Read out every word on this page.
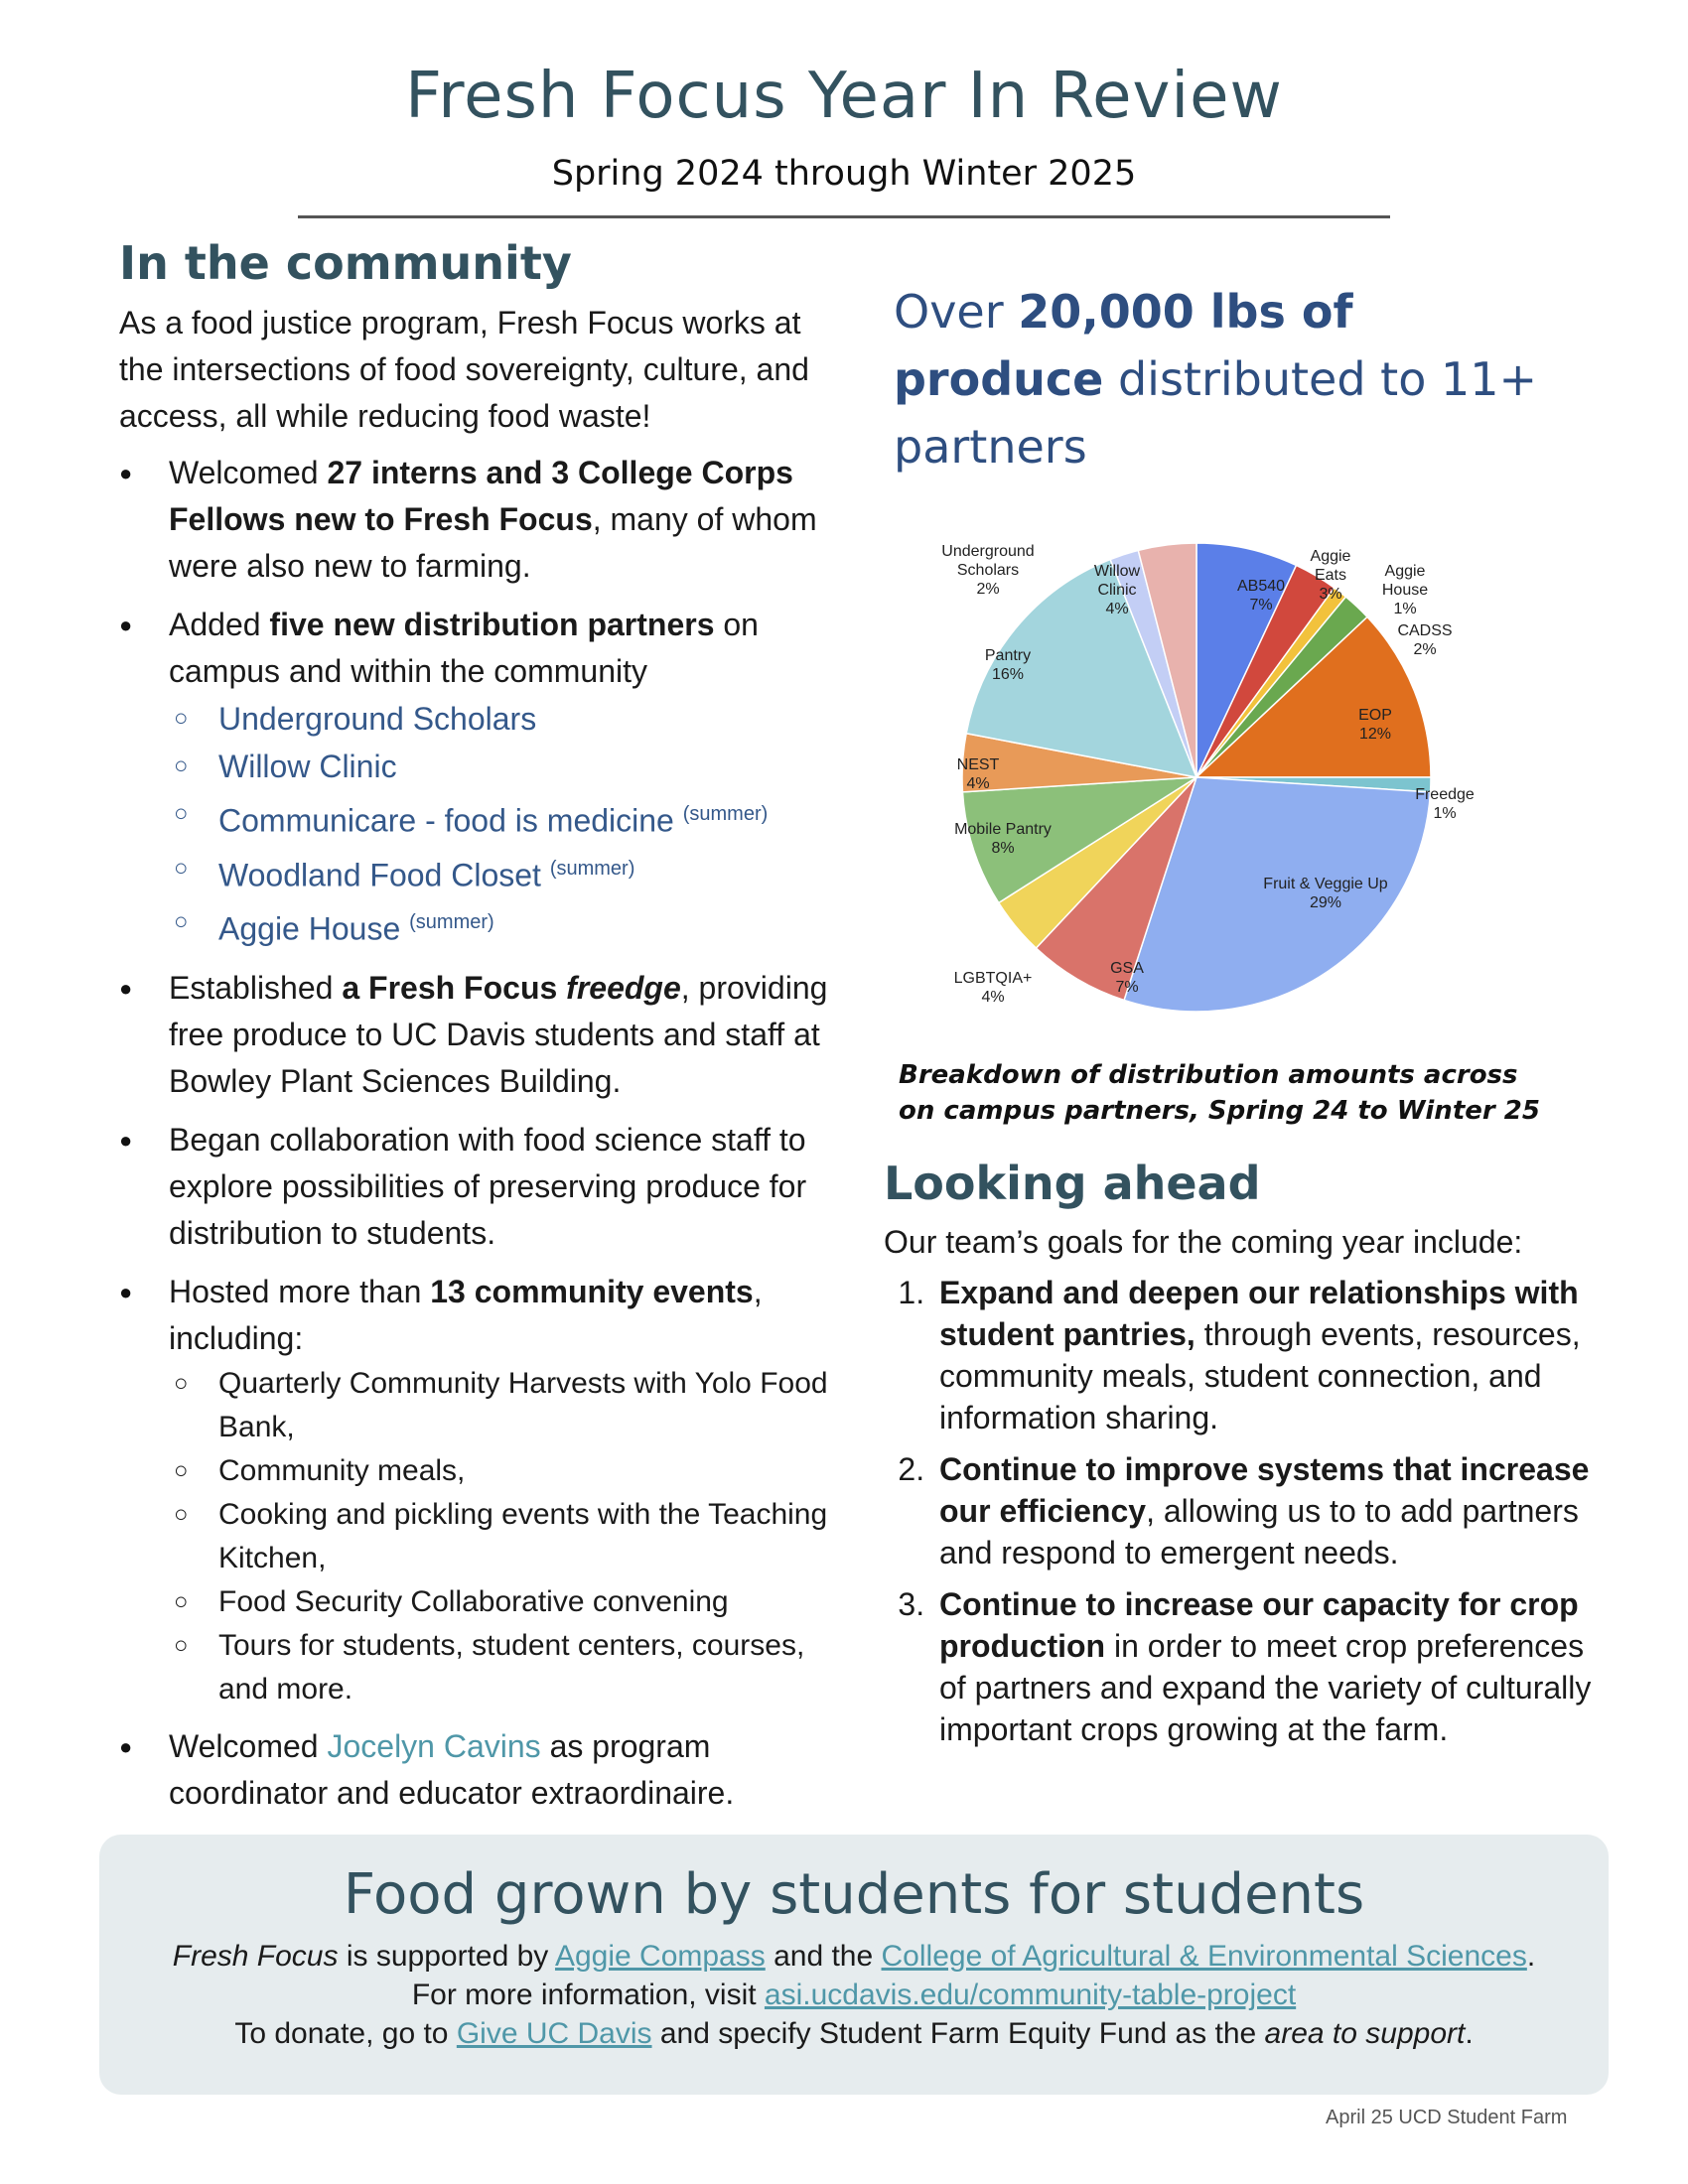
Fresh Focus Year In Review
Spring 2024 through Winter 2025
In the community

As a food justice program, Fresh Focus works at the intersections of food sovereignty, culture, and access, all while reducing food waste!

● Welcomed 27 interns and 3 College Corps Fellows new to Fresh Focus, many of whom were also new to farming.
● Added five new distribution partners on campus and within the community
○ Underground Scholars
○ Willow Clinic
○ Communicare - food is medicine $^{(summer)}$
○ Woodland Food Closet $^{(summer)}$
○ Aggie House $^{(summer)}$
● Established a Fresh Focus freedge, providing free produce to UC Davis students and staff at Bowley Plant Sciences Building.
● Began collaboration with food science staff to explore possibilities of preserving produce for distribution to students.
● Hosted more than 13 community events, including:
○ Quarterly Community Harvests with Yolo Food Bank,
○ Community meals,
○ Cooking and pickling events with the Teaching Kitchen,
○ Food Security Collaborative convening
○ Tours for students, student centers, courses, and more.
● Welcomed Jocelyn Cavins as program coordinator and educator extraordinaire.

Over 20,000 lbs of
produce distributed to 11+ partners

AB540 7%
Aggie Eats 3%
Aggie House 1%
CADSS 2%
EOP 12%
Freedge 1%
Fruit & Veggie Up 29%
GSA 7%
LGBTQIA+ 4%
Mobile Pantry 8%
NEST 4%
Pantry 16%
Underground Scholars 2%
Willow Clinic 4%
Breakdown of distribution amounts across
on campus partners, Spring 24 to Winter 25
Looking ahead

Our team’s goals for the coming year include:

1. Expand and deepen our relationships with student pantries, through events, resources, community meals, student connection, and information sharing.
2. Continue to improve systems that increase our efficiency, allowing us to to add partners and respond to emergent needs.
3. Continue to increase our capacity for crop production in order to meet crop preferences of partners and expand the variety of culturally important crops growing at the farm.
Food grown by students for students

Fresh Focus is supported by Aggie Compass and the College of Agricultural & Environmental Sciences.

For more information, visit asi.ucdavis.edu/community-table-project

To donate, go to Give UC Davis and specify Student Farm Equity Fund as the area to support.

April 25 UCD Student Farm
